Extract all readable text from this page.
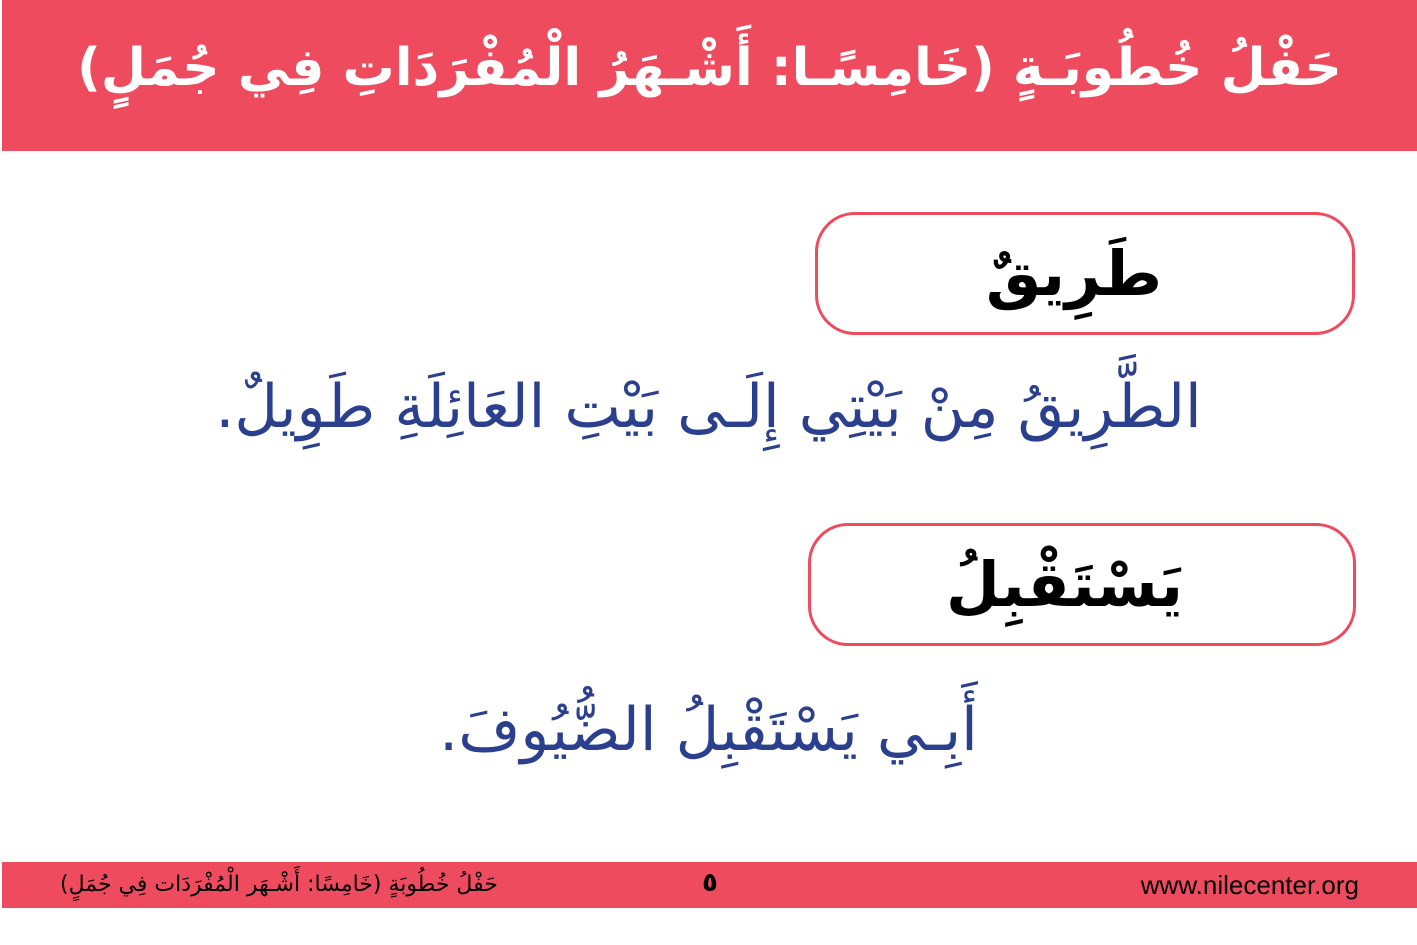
حَفْلُ خُطُوبَـةٍ (خَامِسًـا: أَشْـهَرُ الْمُفْرَدَاتِ فِي جُمَلٍ)
طَرِيقٌ
الطَّرِيقُ مِنْ بَيْتِي إِلَـى بَيْتِ العَائِلَةِ طَوِيلٌ.
يَسْتَقْبِلُ
أَبِـي يَسْتَقْبِلُ الضُّيُوفَ.
حَفْلُ خُطُوبَةٍ (خَامِسًا: أَشْـهَر الْمُفْرَدَات فِي جُمَلٍ)	٥	www.nilecenter.org
